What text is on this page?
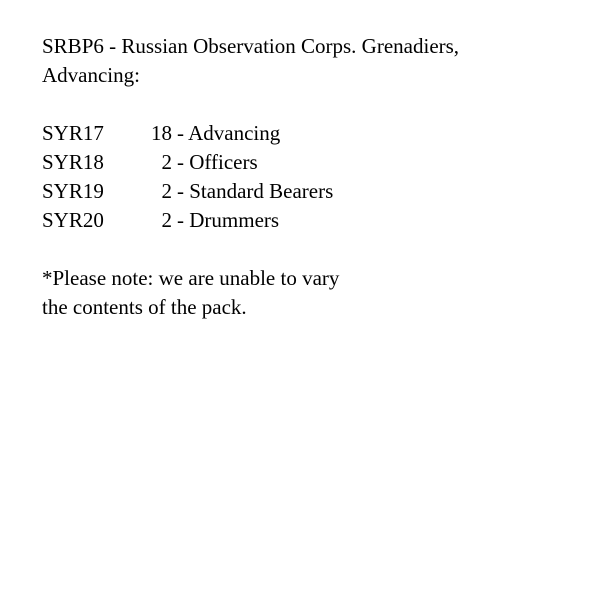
SRBP6 - Russian Observation Corps. Grenadiers,
Advancing:
SYR17	18 - Advancing
SYR18	2 - Officers
SYR19	2 - Standard Bearers
SYR20	2 - Drummers
*Please note: we are unable to vary
the contents of the pack.
